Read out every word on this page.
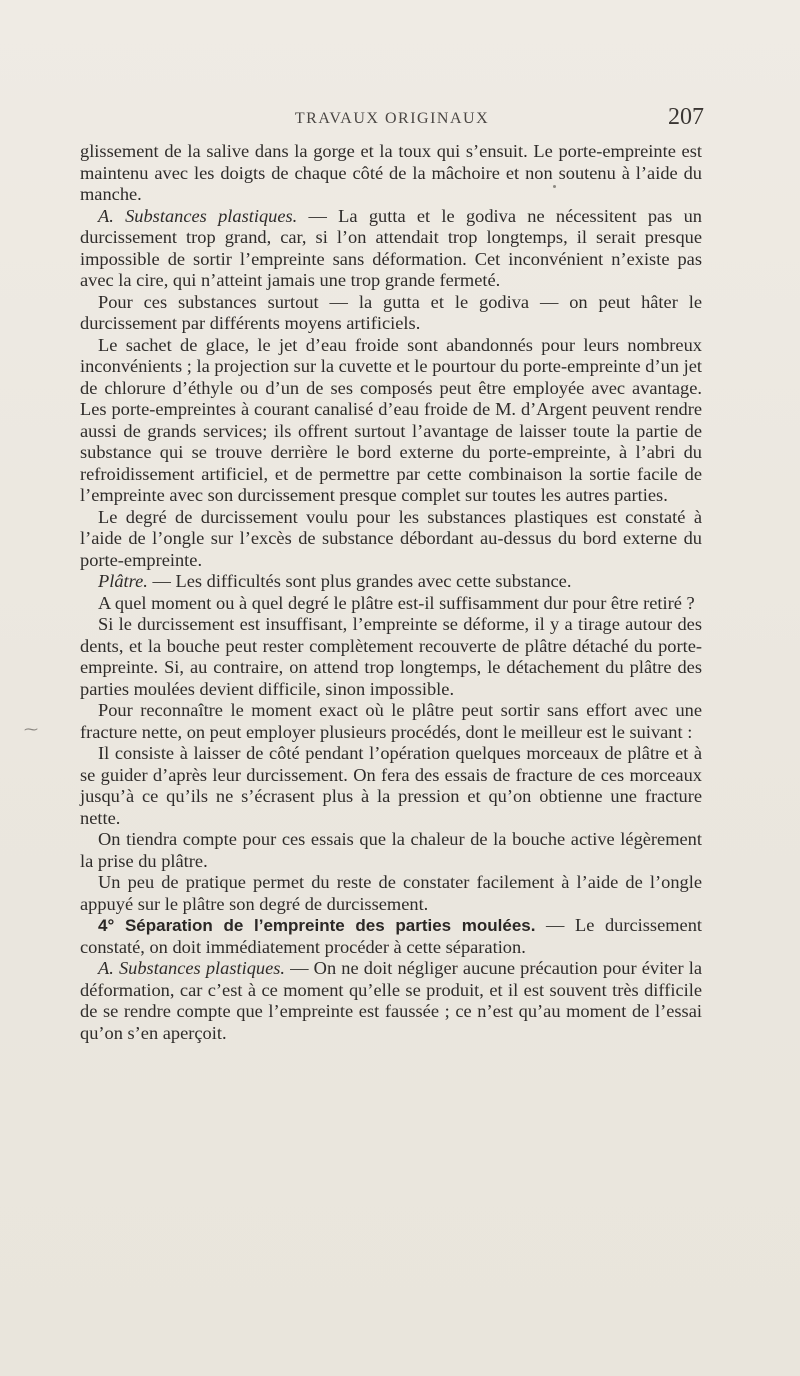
TRAVAUX ORIGINAUX	207

glissement de la salive dans la gorge et la toux qui s’ensuit. Le porte-empreinte est maintenu avec les doigts de chaque côté de la mâchoire et non soutenu à l’aide du manche.

A. Substances plastiques. — La gutta et le godiva ne nécessitent pas un durcissement trop grand, car, si l’on attendait trop longtemps, il serait presque impossible de sortir l’empreinte sans déformation. Cet inconvénient n’existe pas avec la cire, qui n’atteint jamais une trop grande fermeté.

Pour ces substances surtout — la gutta et le godiva — on peut hâter le durcissement par différents moyens artificiels.

Le sachet de glace, le jet d’eau froide sont abandonnés pour leurs nombreux inconvénients ; la projection sur la cuvette et le pourtour du porte-empreinte d’un jet de chlorure d’éthyle ou d’un de ses composés peut être employée avec avantage. Les porte-empreintes à courant canalisé d’eau froide de M. d’Argent peuvent rendre aussi de grands services; ils offrent surtout l’avantage de laisser toute la partie de substance qui se trouve derrière le bord externe du porte-empreinte, à l’abri du refroidissement artificiel, et de permettre par cette combinaison la sortie facile de l’empreinte avec son durcissement presque complet sur toutes les autres parties.

Le degré de durcissement voulu pour les substances plastiques est constaté à l’aide de l’ongle sur l’excès de substance débordant au-dessus du bord externe du porte-empreinte.

Plâtre. — Les difficultés sont plus grandes avec cette substance.

A quel moment ou à quel degré le plâtre est-il suffisamment dur pour être retiré ?

Si le durcissement est insuffisant, l’empreinte se déforme, il y a tirage autour des dents, et la bouche peut rester complètement recouverte de plâtre détaché du porte-empreinte. Si, au contraire, on attend trop longtemps, le détachement du plâtre des parties moulées devient difficile, sinon impossible.

Pour reconnaître le moment exact où le plâtre peut sortir sans effort avec une fracture nette, on peut employer plusieurs procédés, dont le meilleur est le suivant :

Il consiste à laisser de côté pendant l’opération quelques morceaux de plâtre et à se guider d’après leur durcissement. On fera des essais de fracture de ces morceaux jusqu’à ce qu’ils ne s’écrasent plus à la pression et qu’on obtienne une fracture nette.

On tiendra compte pour ces essais que la chaleur de la bouche active légèrement la prise du plâtre.

Un peu de pratique permet du reste de constater facilement à l’aide de l’ongle appuyé sur le plâtre son degré de durcissement.

4° Séparation de l’empreinte des parties moulées. — Le durcissement constaté, on doit immédiatement procéder à cette séparation.

A. Substances plastiques. — On ne doit négliger aucune précaution pour éviter la déformation, car c’est à ce moment qu’elle se produit, et il est souvent très difficile de se rendre compte que l’empreinte est faussée ; ce n’est qu’au moment de l’essai qu’on s’en aperçoit.

⁓
